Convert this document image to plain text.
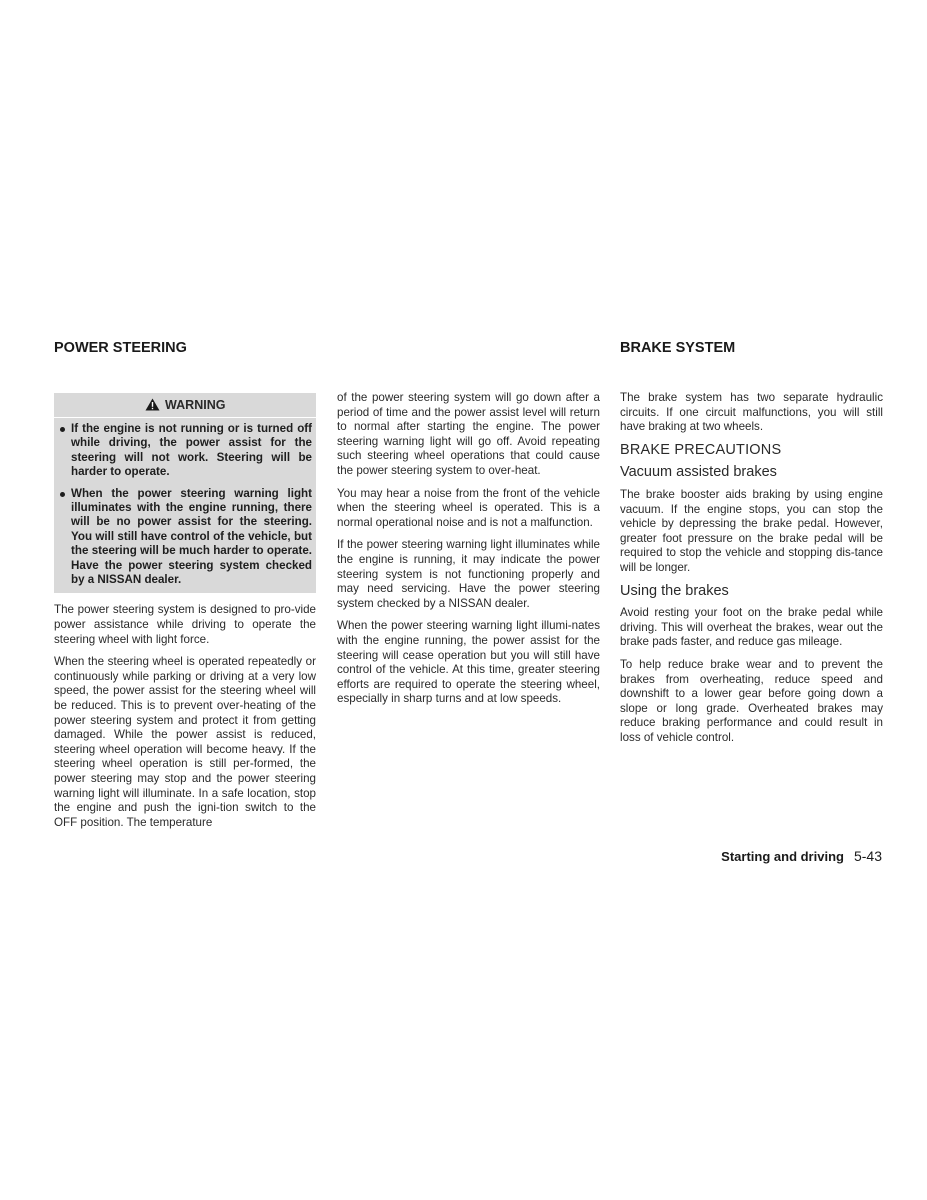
POWER STEERING	BRAKE SYSTEM
WARNING
If the engine is not running or is turned off while driving, the power assist for the steering will not work. Steering will be harder to operate.
When the power steering warning light illuminates with the engine running, there will be no power assist for the steering. You will still have control of the vehicle, but the steering will be much harder to operate. Have the power steering system checked by a NISSAN dealer.

The power steering system is designed to pro-vide power assistance while driving to operate the steering wheel with light force.

When the steering wheel is operated repeatedly or continuously while parking or driving at a very low speed, the power assist for the steering wheel will be reduced. This is to prevent over-heating of the power steering system and protect it from getting damaged. While the power assist is reduced, steering wheel operation will become heavy. If the steering wheel operation is still per-formed, the power steering may stop and the power steering warning light will illuminate. In a safe location, stop the engine and push the igni-tion switch to the OFF position. The temperature

of the power steering system will go down after a period of time and the power assist level will return to normal after starting the engine. The power steering warning light will go off. Avoid repeating such steering wheel operations that could cause the power steering system to over-heat.

You may hear a noise from the front of the vehicle when the steering wheel is operated. This is a normal operational noise and is not a malfunction.

If the power steering warning light illuminates while the engine is running, it may indicate the power steering system is not functioning properly and may need servicing. Have the power steering system checked by a NISSAN dealer.

When the power steering warning light illumi-nates with the engine running, the power assist for the steering will cease operation but you will still have control of the vehicle. At this time, greater steering efforts are required to operate the steering wheel, especially in sharp turns and at low speeds.

The brake system has two separate hydraulic circuits. If one circuit malfunctions, you will still have braking at two wheels.

BRAKE PRECAUTIONS
Vacuum assisted brakes

The brake booster aids braking by using engine vacuum. If the engine stops, you can stop the vehicle by depressing the brake pedal. However, greater foot pressure on the brake pedal will be required to stop the vehicle and stopping dis-tance will be longer.

Using the brakes

Avoid resting your foot on the brake pedal while driving. This will overheat the brakes, wear out the brake pads faster, and reduce gas mileage.

To help reduce brake wear and to prevent the brakes from overheating, reduce speed and downshift to a lower gear before going down a slope or long grade. Overheated brakes may reduce braking performance and could result in loss of vehicle control.

Starting and driving 5-43
